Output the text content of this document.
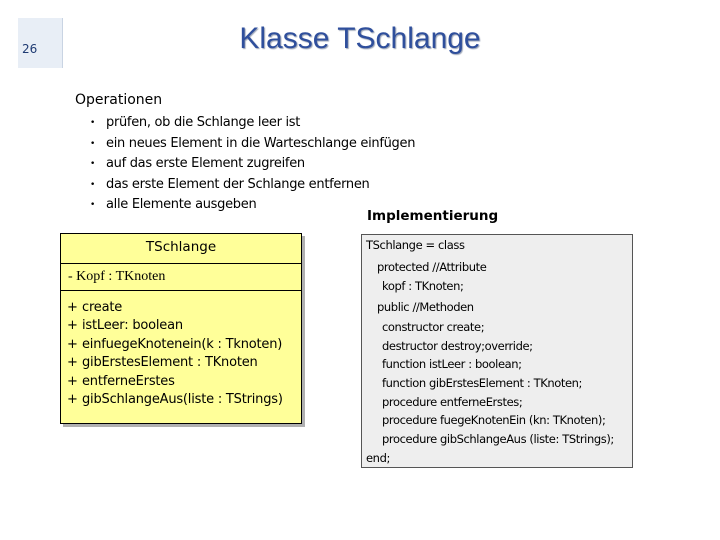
26	Klasse TSchlange
Operationen
• prüfen, ob die Schlange leer ist
• ein neues Element in die Warteschlange einfügen
• auf das erste Element zugreifen
• das erste Element der Schlange entfernen
• alle Elemente ausgeben
Implementierung
TSchlange
- Kopf : TKnoten
+ create
+ istLeer: boolean
+ einfuegeKnotenein(k : Tknoten)
+ gibErstesElement : TKnoten
+ entferneErstes
+ gibSchlangeAus(liste : TStrings)
TSchlange = class
protected //Attribute
kopf : TKnoten;
public //Methoden
constructor create;
destructor destroy;override;
function istLeer : boolean;
function gibErstesElement : TKnoten;
procedure entferneErstes;
procedure fuegeKnotenEin (kn: TKnoten);
procedure gibSchlangeAus (liste: TStrings);
end;
